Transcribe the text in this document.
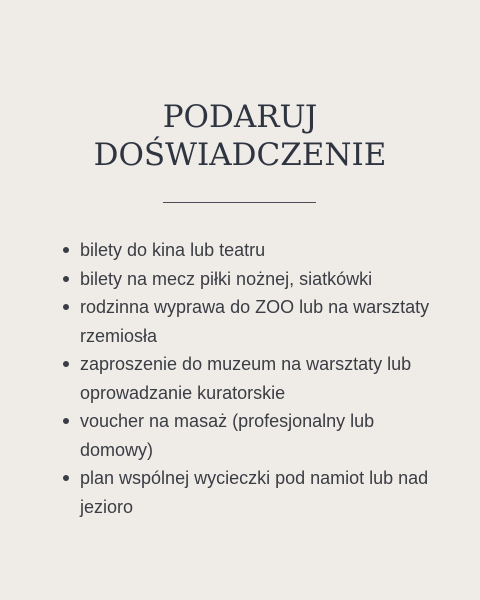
PODARUJ
DOŚWIADCZENIE
bilety do kina lub teatru
bilety na mecz piłki nożnej, siatkówki
rodzinna wyprawa do ZOO lub na warsztaty rzemiosła
zaproszenie do muzeum na warsztaty lub oprowadzanie kuratorskie
voucher na masaż (profesjonalny lub domowy)
plan wspólnej wycieczki pod namiot lub nad jezioro
